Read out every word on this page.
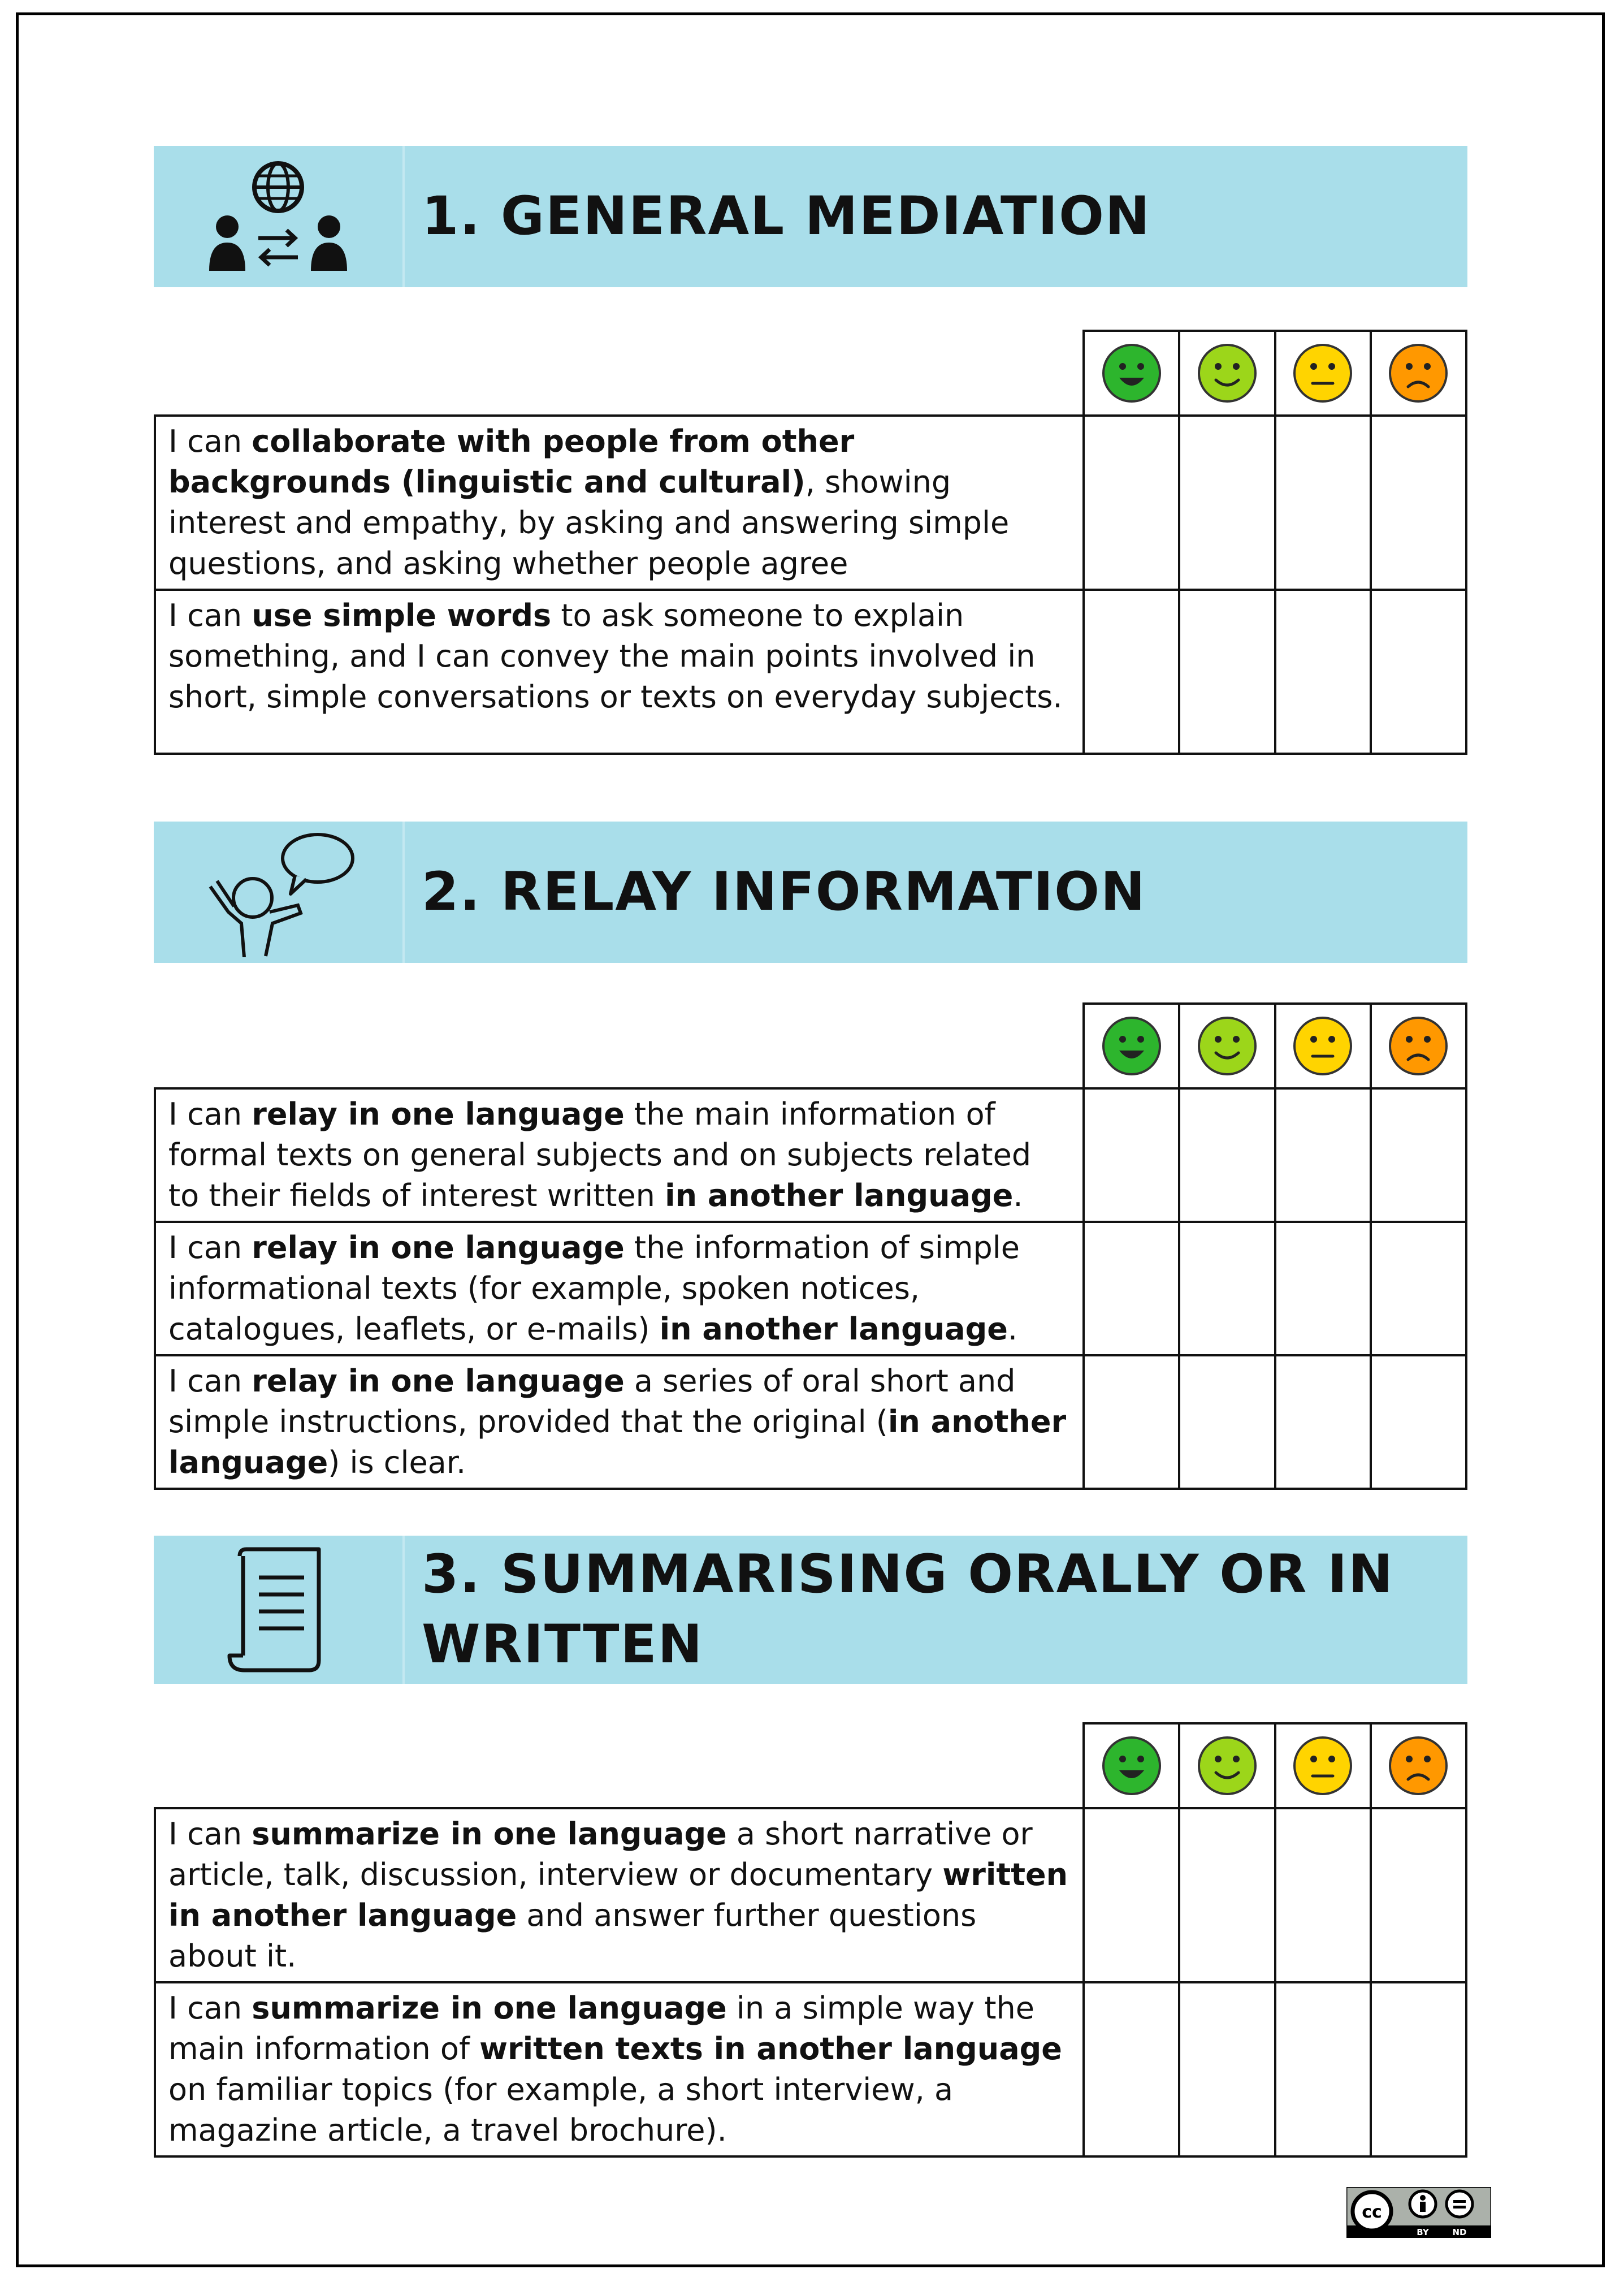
1. GENERAL MEDIATION

I can collaborate with people from other backgrounds (linguistic and cultural), showing interest and empathy, by asking and answering simple questions, and asking whether people agree				
I can use simple words to ask someone to explain something, and I can convey the main points involved in short, simple conversations or texts on everyday subjects.				
2. RELAY INFORMATION

I can relay in one language the main information of formal texts on general subjects and on subjects related to their fields of interest written in another language.				
I can relay in one language the information of simple informational texts (for example, spoken notices, catalogues, leaflets, or e-mails) in another language.				
I can relay in one language a series of oral short and simple instructions, provided that the original (in another language) is clear.				
3. SUMMARISING ORALLY OR IN WRITTEN

I can summarize in one language a short narrative or article, talk, discussion, interview or documentary written in another language and answer further questions about it.				
I can summarize in one language in a simple way the main information of written texts in another language on familiar topics (for example, a short interview, a magazine article, a travel brochure).				
cc
BY	ND
